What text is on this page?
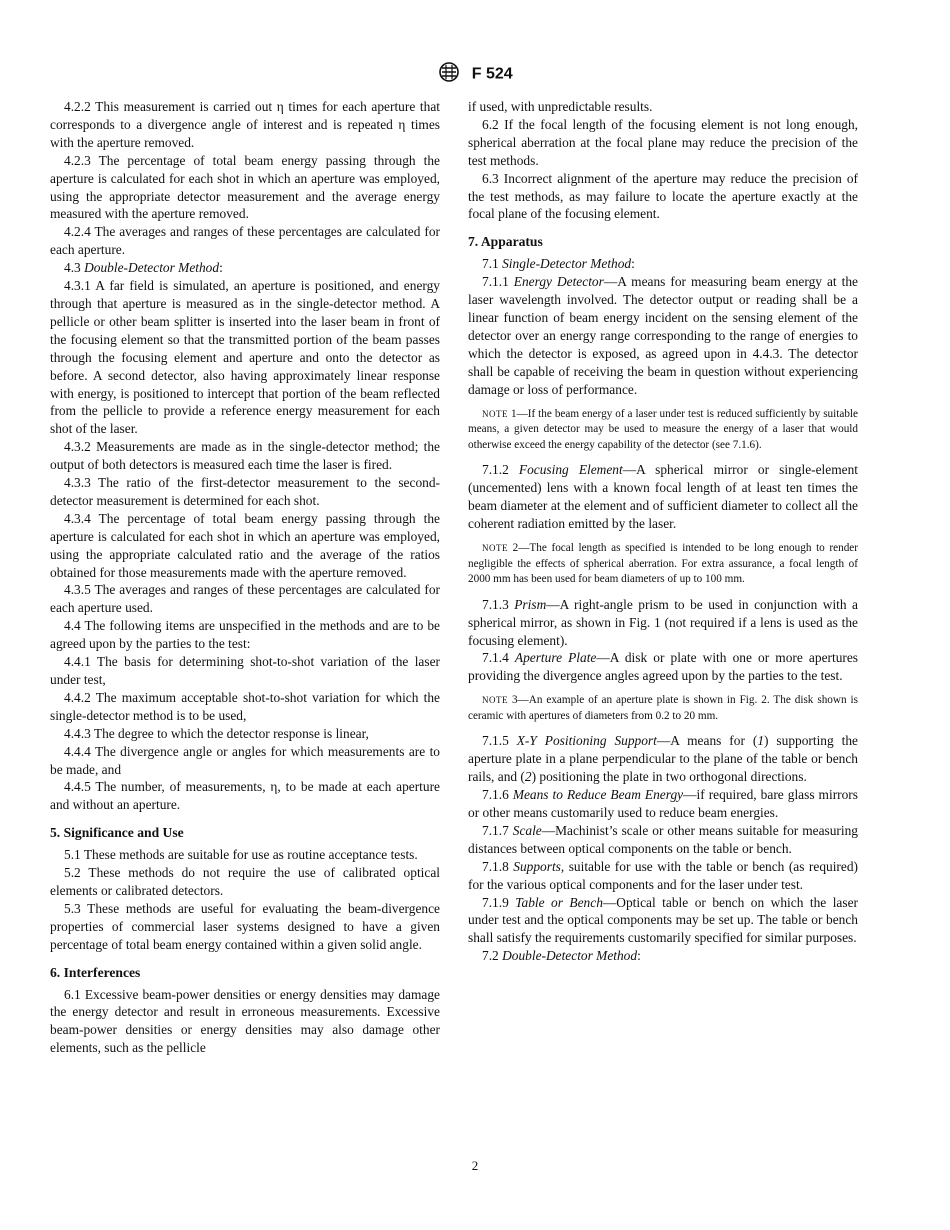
F 524

4.2.2 This measurement is carried out η times for each aperture that corresponds to a divergence angle of interest and is repeated η times with the aperture removed.

4.2.3 The percentage of total beam energy passing through the aperture is calculated for each shot in which an aperture was employed, using the appropriate detector measurement and the average energy measured with the aperture removed.

4.2.4 The averages and ranges of these percentages are calculated for each aperture.

4.3 Double-Detector Method:

4.3.1 A far field is simulated, an aperture is positioned, and energy through that aperture is measured as in the single-detector method. A pellicle or other beam splitter is inserted into the laser beam in front of the focusing element so that the transmitted portion of the beam passes through the focusing element and aperture and onto the detector as before. A second detector, also having approximately linear response with energy, is positioned to intercept that portion of the beam reflected from the pellicle to provide a reference energy measurement for each shot of the laser.

4.3.2 Measurements are made as in the single-detector method; the output of both detectors is measured each time the laser is fired.

4.3.3 The ratio of the first-detector measurement to the second-detector measurement is determined for each shot.

4.3.4 The percentage of total beam energy passing through the aperture is calculated for each shot in which an aperture was employed, using the appropriate calculated ratio and the average of the ratios obtained for those measurements made with the aperture removed.

4.3.5 The averages and ranges of these percentages are calculated for each aperture used.

4.4 The following items are unspecified in the methods and are to be agreed upon by the parties to the test:

4.4.1 The basis for determining shot-to-shot variation of the laser under test,

4.4.2 The maximum acceptable shot-to-shot variation for which the single-detector method is to be used,

4.4.3 The degree to which the detector response is linear,

4.4.4 The divergence angle or angles for which measurements are to be made, and

4.4.5 The number, of measurements, η, to be made at each aperture and without an aperture.

5. Significance and Use

5.1 These methods are suitable for use as routine acceptance tests.

5.2 These methods do not require the use of calibrated optical elements or calibrated detectors.

5.3 These methods are useful for evaluating the beam-divergence properties of commercial laser systems designed to have a given percentage of total beam energy contained within a given solid angle.

6. Interferences

6.1 Excessive beam-power densities or energy densities may damage the energy detector and result in erroneous measurements. Excessive beam-power densities or energy densities may also damage other elements, such as the pellicle

if used, with unpredictable results.

6.2 If the focal length of the focusing element is not long enough, spherical aberration at the focal plane may reduce the precision of the test methods.

6.3 Incorrect alignment of the aperture may reduce the precision of the test methods, as may failure to locate the aperture exactly at the focal plane of the focusing element.

7. Apparatus

7.1 Single-Detector Method:

7.1.1 Energy Detector—A means for measuring beam energy at the laser wavelength involved. The detector output or reading shall be a linear function of beam energy incident on the sensing element of the detector over an energy range corresponding to the range of energies to which the detector is exposed, as agreed upon in 4.4.3. The detector shall be capable of receiving the beam in question without experiencing damage or loss of performance.

NOTE 1—If the beam energy of a laser under test is reduced sufficiently by suitable means, a given detector may be used to measure the energy of a laser that would otherwise exceed the energy capability of the detector (see 7.1.6).

7.1.2 Focusing Element—A spherical mirror or single-element (uncemented) lens with a known focal length of at least ten times the beam diameter at the element and of sufficient diameter to collect all the coherent radiation emitted by the laser.

NOTE 2—The focal length as specified is intended to be long enough to render negligible the effects of spherical aberration. For extra assurance, a focal length of 2000 mm has been used for beam diameters of up to 100 mm.

7.1.3 Prism—A right-angle prism to be used in conjunction with a spherical mirror, as shown in Fig. 1 (not required if a lens is used as the focusing element).

7.1.4 Aperture Plate—A disk or plate with one or more apertures providing the divergence angles agreed upon by the parties to the test.

NOTE 3—An example of an aperture plate is shown in Fig. 2. The disk shown is ceramic with apertures of diameters from 0.2 to 20 mm.

7.1.5 X-Y Positioning Support—A means for (1) supporting the aperture plate in a plane perpendicular to the plane of the table or bench rails, and (2) positioning the plate in two orthogonal directions.

7.1.6 Means to Reduce Beam Energy—if required, bare glass mirrors or other means customarily used to reduce beam energies.

7.1.7 Scale—Machinist’s scale or other means suitable for measuring distances between optical components on the table or bench.

7.1.8 Supports, suitable for use with the table or bench (as required) for the various optical components and for the laser under test.

7.1.9 Table or Bench—Optical table or bench on which the laser under test and the optical components may be set up. The table or bench shall satisfy the requirements customarily specified for similar purposes.

7.2 Double-Detector Method:

2
